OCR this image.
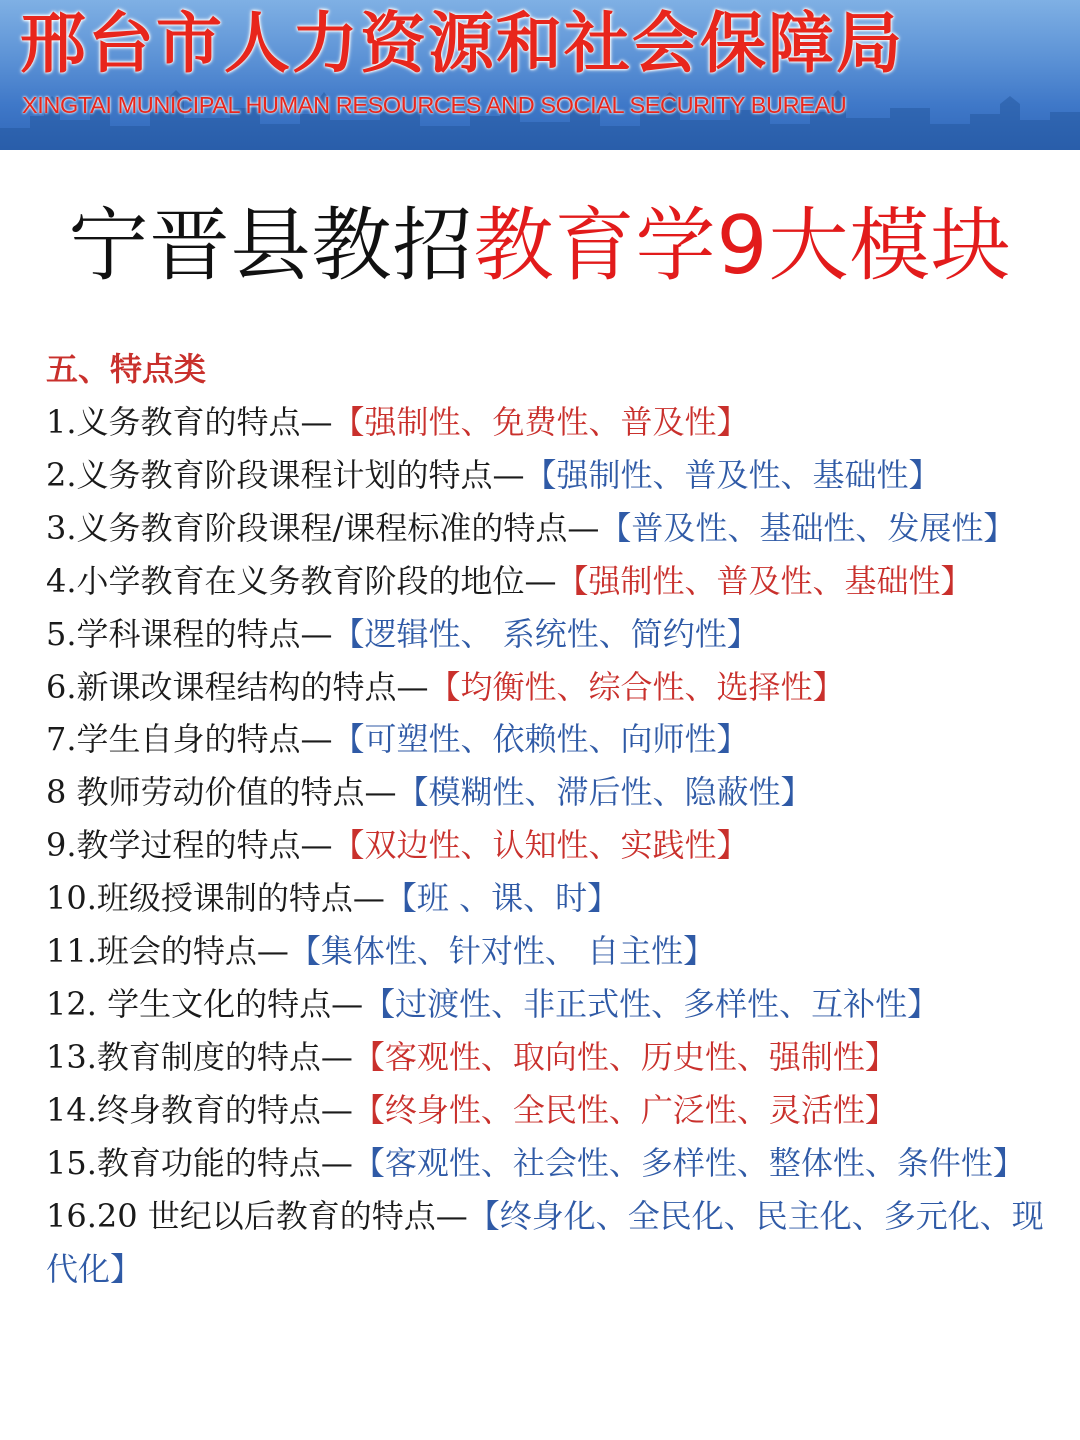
邢台市人力资源和社会保障局
XINGTAI MUNICIPAL HUMAN RESOURCES AND SOCIAL SECURITY BUREAU
宁晋县教招教育学9大模块
五、特点类

1.义务教育的特点—【强制性、免费性、普及性】

2.义务教育阶段课程计划的特点—【强制性、普及性、基础性】

3.义务教育阶段课程/课程标准的特点—【普及性、基础性、发展性】

4.小学教育在义务教育阶段的地位—【强制性、普及性、基础性】

5.学科课程的特点—【逻辑性、 系统性、简约性】

6.新课改课程结构的特点—【均衡性、综合性、选择性】

7.学生自身的特点—【可塑性、依赖性、向师性】

8 教师劳动价值的特点—【模糊性、滞后性、隐蔽性】

9.教学过程的特点—【双边性、认知性、实践性】

10.班级授课制的特点—【班 、课、时】

11.班会的特点—【集体性、针对性、 自主性】

12. 学生文化的特点—【过渡性、非正式性、多样性、互补性】

13.教育制度的特点—【客观性、取向性、历史性、强制性】

14.终身教育的特点—【终身性、全民性、广泛性、灵活性】

15.教育功能的特点—【客观性、社会性、多样性、整体性、条件性】

16.20 世纪以后教育的特点—【终身化、全民化、民主化、多元化、现代化】
